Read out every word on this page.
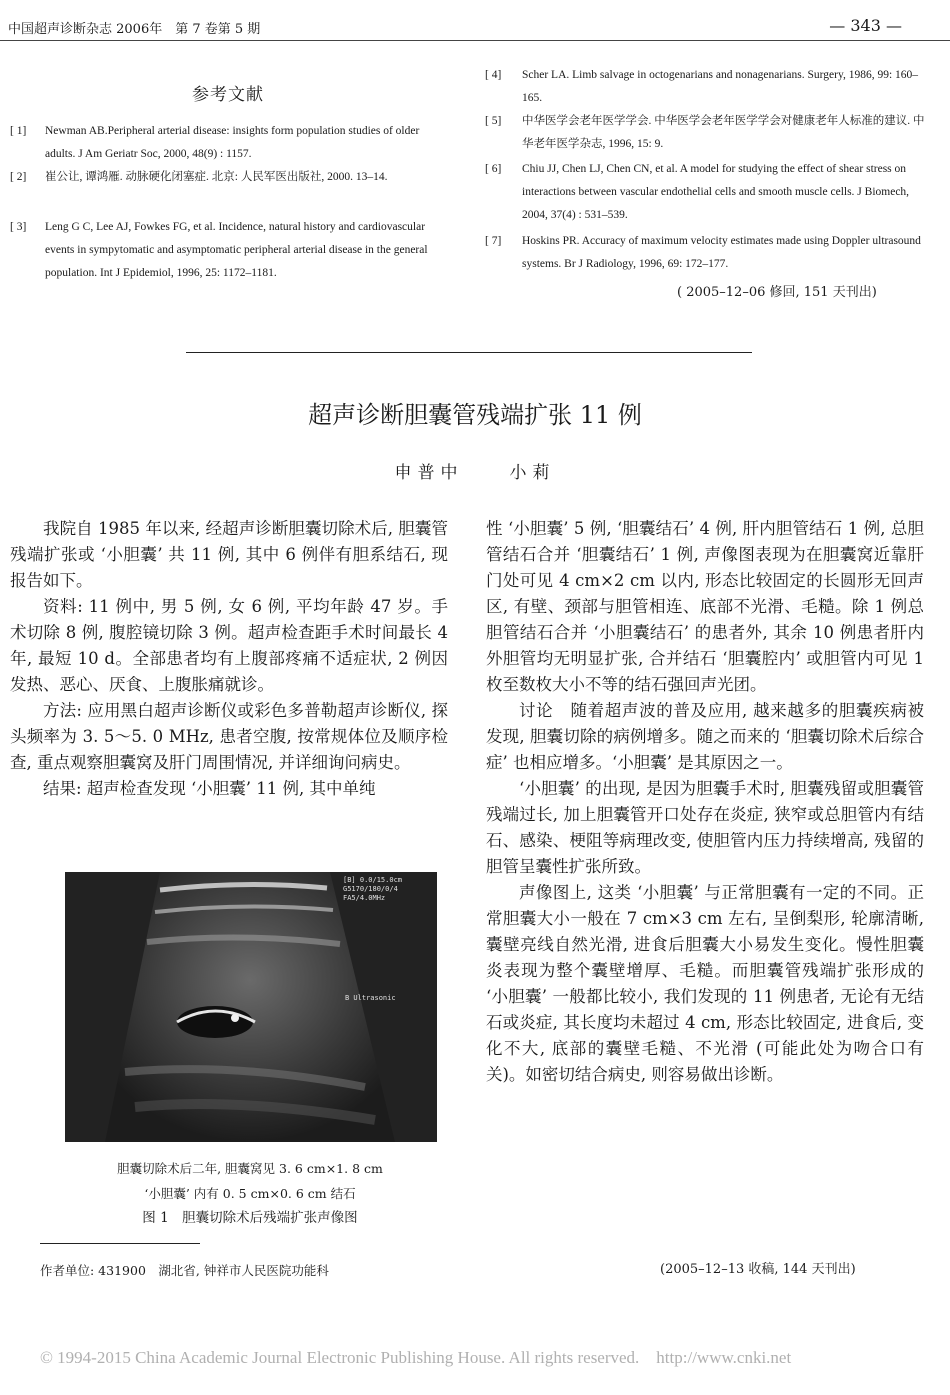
中国超声诊断杂志 2006年　第 7 卷第 5 期	— 343 —
参考文献
[ 1]	Newman AB.Peripheral arterial disease: insights form population studies of older adults. J Am Geriatr Soc, 2000, 48(9) : 1157.
[ 2]	崔公让, 谭鸿雁. 动脉硬化闭塞症. 北京: 人民军医出版社, 2000. 13–14.
[ 3]	Leng G C, Lee AJ, Fowkes FG, et al. Incidence, natural history and cardiovascular events in sympytomatic and asymptomatic peripheral arterial disease in the general population. Int J Epidemiol, 1996, 25: 1172–1181.
[ 4]	Scher LA. Limb salvage in octogenarians and nonagenarians. Surgery, 1986, 99: 160–165.
[ 5]	中华医学会老年医学学会. 中华医学会老年医学学会对健康老年人标准的建议. 中华老年医学杂志, 1996, 15: 9.
[ 6]	Chiu JJ, Chen LJ, Chen CN, et al. A model for studying the effect of shear stress on interactions between vascular endothelial cells and smooth muscle cells. J Biomech, 2004, 37(4) : 531–539.
[ 7]	Hoskins PR. Accuracy of maximum velocity estimates made using Doppler ultrasound systems. Br J Radiology, 1996, 69: 172–177.
( 2005–12–06 修回, 151 天刊出)
超声诊断胆囊管残端扩张 11 例
申普中　　小莉

我院自 1985 年以来, 经超声诊断胆囊切除术后, 胆囊管残端扩张或 ‘小胆囊’ 共 11 例, 其中 6 例伴有胆系结石, 现报告如下。

资料: 11 例中, 男 5 例, 女 6 例, 平均年龄 47 岁。手术切除 8 例, 腹腔镜切除 3 例。超声检查距手术时间最长 4 年, 最短 10 d。全部患者均有上腹部疼痛不适症状, 2 例因发热、恶心、厌食、上腹胀痛就诊。

方法: 应用黑白超声诊断仪或彩色多普勒超声诊断仪, 探头频率为 3. 5～5. 0 MHz, 患者空腹, 按常规体位及顺序检查, 重点观察胆囊窝及肝门周围情况, 并详细询问病史。

结果: 超声检查发现 ‘小胆囊’ 11 例, 其中单纯

[B] 0.0/15.0cm G5170/180/0/4 FA5/4.0MHz
B Ultrasonic
胆囊切除术后二年, 胆囊窝见 3. 6 cm×1. 8 cm
‘小胆囊’ 内有 0. 5 cm×0. 6 cm 结石
图 1　胆囊切除术后残端扩张声像图

性 ‘小胆囊’ 5 例, ‘胆囊结石’ 4 例, 肝内胆管结石 1 例, 总胆管结石合并 ‘胆囊结石’ 1 例, 声像图表现为在胆囊窝近靠肝门处可见 4 cm×2 cm 以内, 形态比较固定的长圆形无回声区, 有壁、颈部与胆管相连、底部不光滑、毛糙。除 1 例总胆管结石合并 ‘小胆囊结石’ 的患者外, 其余 10 例患者肝内外胆管均无明显扩张, 合并结石 ‘胆囊腔内’ 或胆管内可见 1 枚至数枚大小不等的结石强回声光团。

讨论　随着超声波的普及应用, 越来越多的胆囊疾病被发现, 胆囊切除的病例增多。随之而来的 ‘胆囊切除术后综合症’ 也相应增多。‘小胆囊’ 是其原因之一。

‘小胆囊’ 的出现, 是因为胆囊手术时, 胆囊残留或胆囊管残端过长, 加上胆囊管开口处存在炎症, 狭窄或总胆管内有结石、感染、梗阻等病理改变, 使胆管内压力持续增高, 残留的胆管呈囊性扩张所致。

声像图上, 这类 ‘小胆囊’ 与正常胆囊有一定的不同。正常胆囊大小一般在 7 cm×3 cm 左右, 呈倒梨形, 轮廓清晰, 囊壁亮线自然光滑, 进食后胆囊大小易发生变化。慢性胆囊炎表现为整个囊壁增厚、毛糙。而胆囊管残端扩张形成的 ‘小胆囊’ 一般都比较小, 我们发现的 11 例患者, 无论有无结石或炎症, 其长度均未超过 4 cm, 形态比较固定, 进食后, 变化不大, 底部的囊壁毛糙、不光滑 (可能此处为吻合口有关)。如密切结合病史, 则容易做出诊断。

作者单位: 431900　湖北省, 钟祥市人民医院功能科	(2005–12–13 收稿, 144 天刊出)
© 1994-2015 China Academic Journal Electronic Publishing House. All rights reserved.　http://www.cnki.net
